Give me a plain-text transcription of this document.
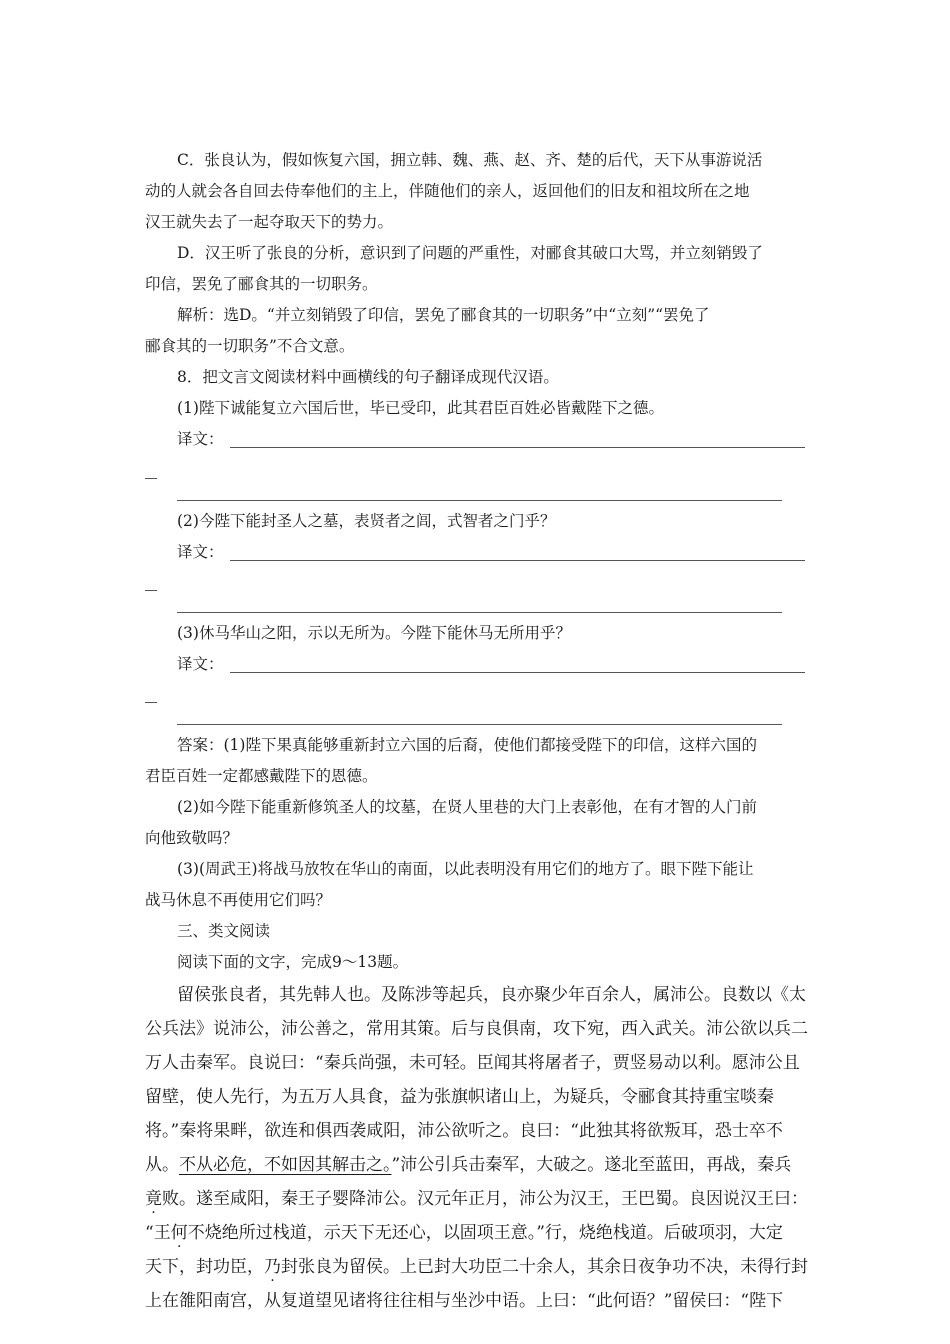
C．张良认为，假如恢复六国，拥立韩、魏、燕、赵、齐、楚的后代，天下从事游说活
动的人就会各自回去侍奉他们的主上，伴随他们的亲人，返回他们的旧友和祖坟所在之地
汉王就失去了一起夺取天下的势力。
D．汉王听了张良的分析，意识到了问题的严重性，对郦食其破口大骂，并立刻销毁了
印信，罢免了郦食其的一切职务。
解析：选D。“并立刻销毁了印信，罢免了郦食其的一切职务”中“立刻”“罢免了
郦食其的一切职务”不合文意。
8．把文言文阅读材料中画横线的句子翻译成现代汉语。
(1)陛下诚能复立六国后世，毕已受印，此其君臣百姓必皆戴陛下之德。
译文：
(2)今陛下能封圣人之墓，表贤者之闾，式智者之门乎？
译文：
(3)休马华山之阳，示以无所为。今陛下能休马无所用乎？
译文：
答案：(1)陛下果真能够重新封立六国的后裔，使他们都接受陛下的印信，这样六国的
君臣百姓一定都感戴陛下的恩德。
(2)如今陛下能重新修筑圣人的坟墓，在贤人里巷的大门上表彰他，在有才智的人门前
向他致敬吗？
(3)(周武王)将战马放牧在华山的南面，以此表明没有用它们的地方了。眼下陛下能让
战马休息不再使用它们吗？
三、类文阅读
阅读下面的文字，完成9～13题。
留侯张良者，其先韩人也。及陈涉等起兵，良亦聚少年百余人，属沛公。良数以《太
公兵法》说沛公，沛公善之，常用其策。后与良俱南，攻下宛，西入武关。沛公欲以兵二
万人击秦军。良说曰：“秦兵尚强，未可轻。臣闻其将屠者子，贾竖易动以利。愿沛公且
留壁，使人先行，为五万人具食，益为张旗帜诸山上，为疑兵，令郦食其持重宝啖秦
将。”秦将果畔，欲连和俱西袭咸阳，沛公欲听之。良曰：“此独其将欲叛耳，恐士卒不
从。不从必危，不如因其解击之。”沛公引兵击秦军，大破之。遂北至蓝田，再战，秦兵
竟败。遂至咸阳，秦王子婴降沛公。汉元年正月，沛公为汉王，王巴蜀。良因说汉王曰：
“王何不烧绝所过栈道，示天下无还心，以固项王意。”行，烧绝栈道。后破项羽，大定
天下，封功臣，乃封张良为留侯。上已封大功臣二十余人，其余日夜争功不决，未得行封
上在雒阳南宫，从复道望见诸将往往相与坐沙中语。上曰：“此何语？”留侯曰：“陛下
